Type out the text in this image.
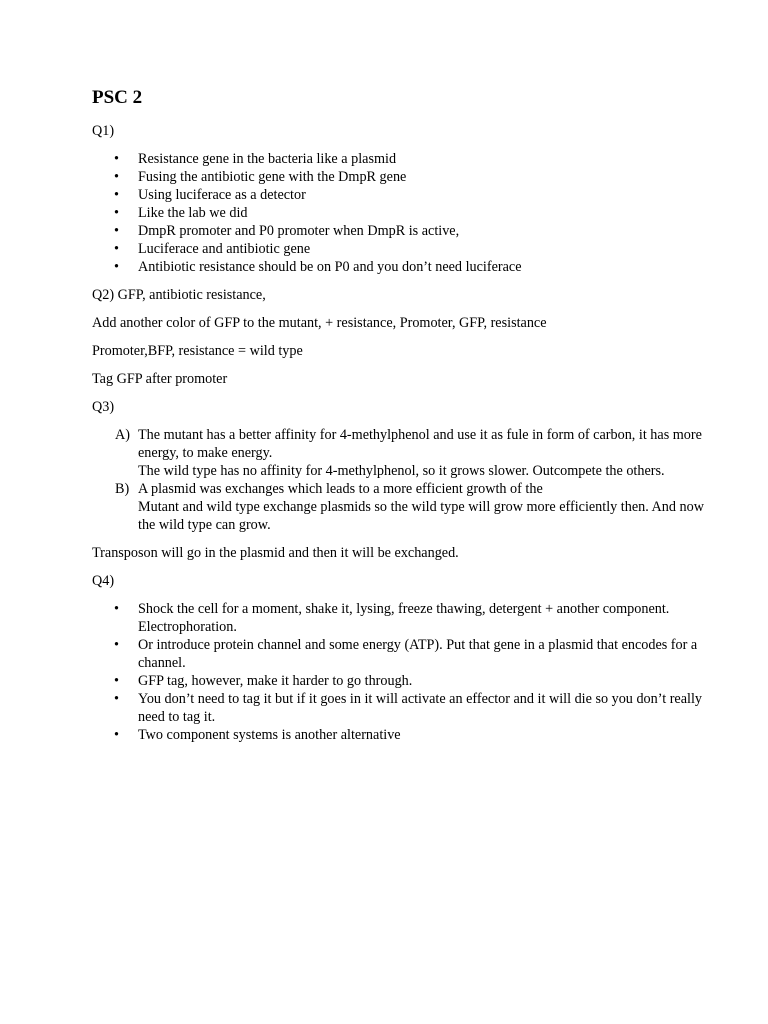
PSC 2

Q1)

• Resistance gene in the bacteria like a plasmid
• Fusing the antibiotic gene with the DmpR gene
• Using luciferace as a detector
• Like the lab we did
• DmpR promoter and P0 promoter when DmpR is active,
• Luciferace and antibiotic gene
• Antibiotic resistance should be on P0 and you don’t need luciferace

Q2) GFP, antibiotic resistance,

Add another color of GFP to the mutant, + resistance, Promoter, GFP, resistance

Promoter,BFP, resistance = wild type

Tag GFP after promoter

Q3)

A) The mutant has a better affinity for 4-methylphenol and use it as fule in form of carbon, it has more energy, to make energy.
The wild type has no affinity for 4-methylphenol, so it grows slower. Outcompete the others.
B) A plasmid was exchanges which leads to a more efficient growth of the
Mutant and wild type exchange plasmids so the wild type will grow more efficiently then. And now the wild type can grow.

Transposon will go in the plasmid and then it will be exchanged.

Q4)

• Shock the cell for a moment, shake it, lysing, freeze thawing, detergent + another component. Electrophoration.
• Or introduce protein channel and some energy (ATP). Put that gene in a plasmid that encodes for a channel.
• GFP tag, however, make it harder to go through.
• You don’t need to tag it but if it goes in it will activate an effector and it will die so you don’t really need to tag it.
• Two component systems is another alternative
